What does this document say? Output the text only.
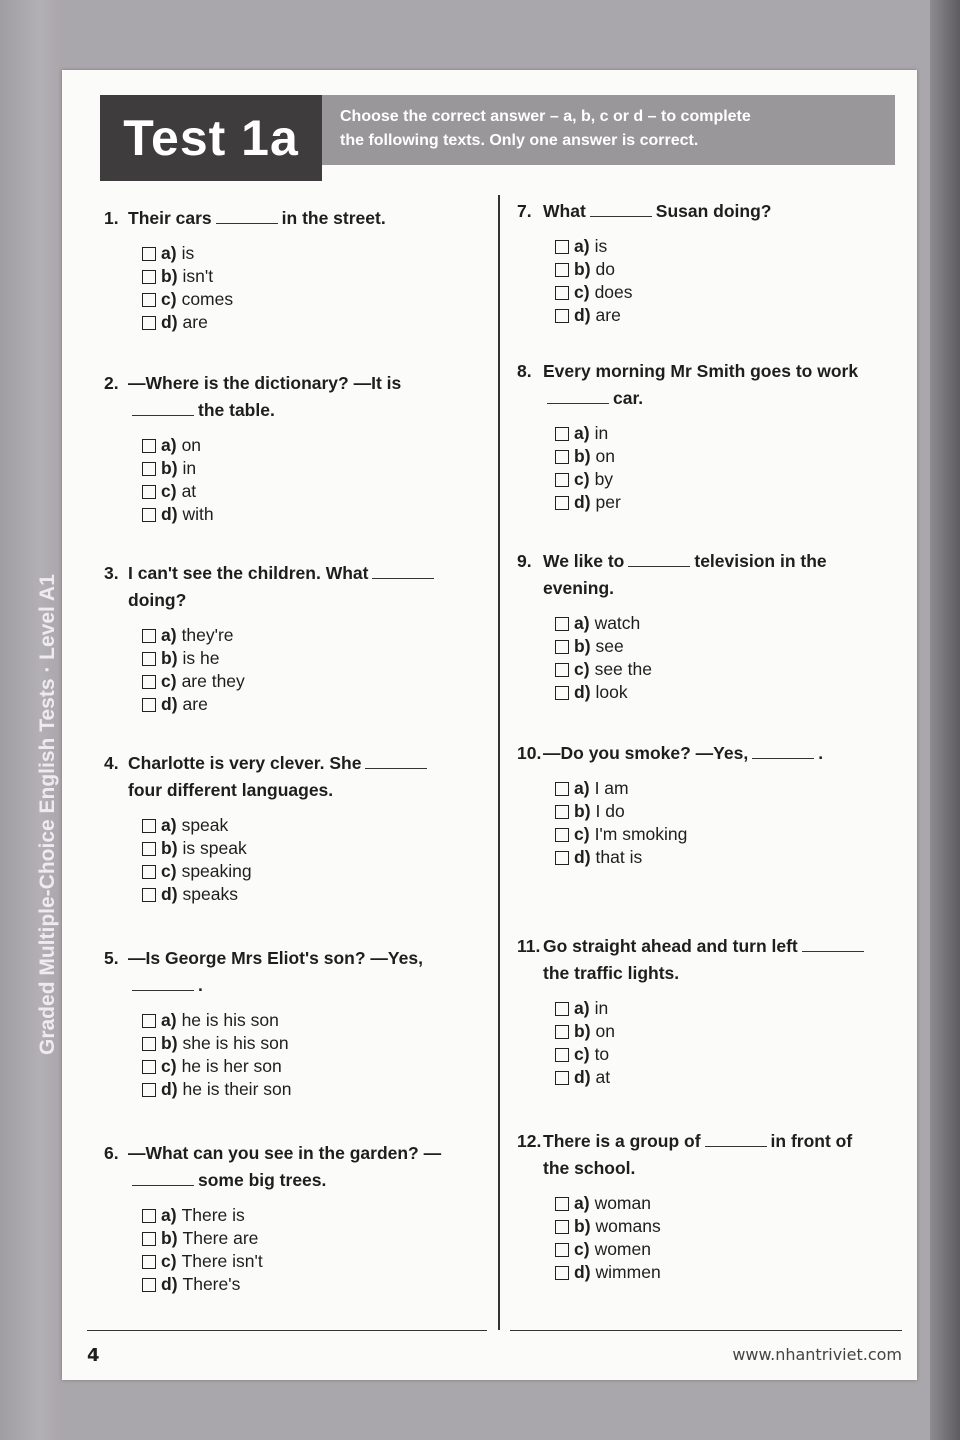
Graded Multiple-Choice English Tests · Level A1
Test 1a	Choose the correct answer – a, b, c or d – to complete
the following texts. Only one answer is correct.
1. Their cars	in the street.
a) is
b) isn't
c) comes
d) are
2. —Where is the dictionary? —It isthe table.
a) on
b) in
c) at
d) with
3. I can't see the children. Whatdoing?
a) they're
b) is he
c) are they
d) are
4. Charlotte is very clever. Shefour different languages.
a) speak
b) is speak
c) speaking
d) speaks
5. —Is George Mrs Eliot's son? —Yes,.
a) he is his son
b) she is his son
c) he is her son
d) he is their son
6. —What can you see in the garden? —some big trees.
a) There is
b) There are
c) There isn't
d) There's
7. What	Susan doing?
a) is
b) do
c) does
d) are
8. Every morning Mr Smith goes to workcar.
a) in
b) on
c) by
d) per
9. We like to	television in the evening.
a) watch
b) see
c) see the
d) look
10. —Do you smoke? —Yes,	.
a) I am
b) I do
c) I'm smoking
d) that is
11. Go straight ahead and turn leftthe traffic lights.
a) in
b) on
c) to
d) at
12. There is a group of	in front of the school.
a) woman
b) womans
c) women
d) wimmen
4	www.nhantriviet.com
